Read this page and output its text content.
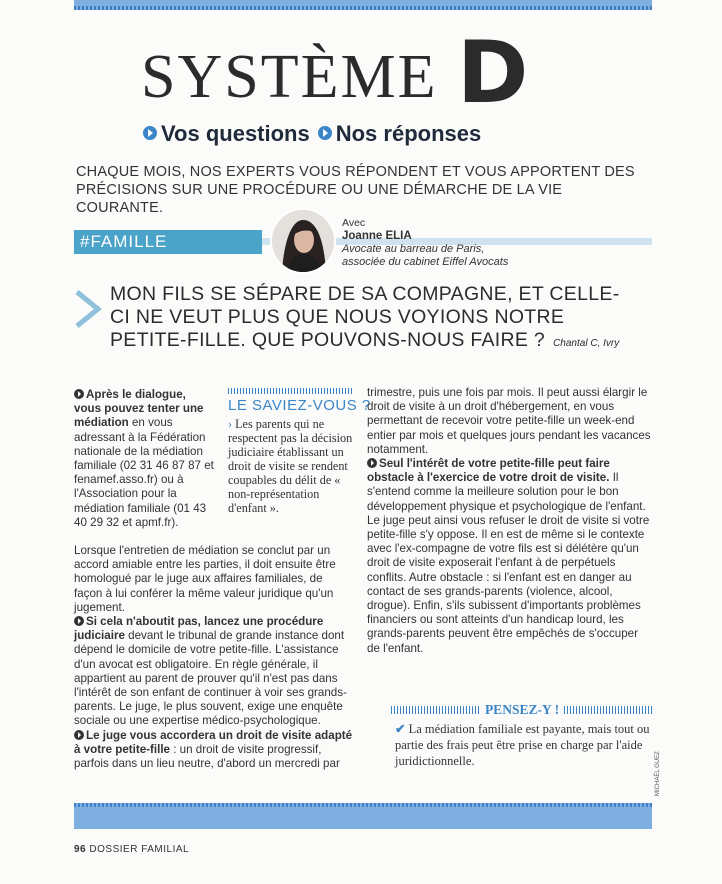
SYSTÈME D
Vos questions Nos réponses
CHAQUE MOIS, NOS EXPERTS VOUS RÉPONDENT ET VOUS APPORTENT DES PRÉCISIONS SUR UNE PROCÉDURE OU UNE DÉMARCHE DE LA VIE COURANTE.
#FAMILLE
Avec
Joanne ELIA
Avocate au barreau de Paris,
associée du cabinet Eiffel Avocats
MON FILS SE SÉPARE DE SA COMPAGNE, ET CELLE-CI NE VEUT PLUS QUE NOUS VOYIONS NOTRE PETITE-FILLE. QUE POUVONS-NOUS FAIRE ? Chantal C, Ivry

Après le dialogue, vous pouvez tenter une médiation en vous adressant à la Fédération nationale de la médiation familiale (02 31 46 87 87 et fenamef.asso.fr) ou à l'Association pour la médiation familiale (01 43 40 29 32 et apmf.fr).

Lorsque l'entretien de médiation se conclut par un accord amiable entre les parties, il doit ensuite être homologué par le juge aux affaires familiales, de façon à lui conférer la même valeur juridique qu'un jugement.

Si cela n'aboutit pas, lancez une procédure judiciaire devant le tribunal de grande instance dont dépend le domicile de votre petite-fille. L'assistance d'un avocat est obligatoire. En règle générale, il appartient au parent de prouver qu'il n'est pas dans l'intérêt de son enfant de continuer à voir ses grands-parents. Le juge, le plus souvent, exige une enquête sociale ou une expertise médico-psychologique.

Le juge vous accordera un droit de visite adapté à votre petite-fille : un droit de visite progressif, parfois dans un lieu neutre, d'abord un mercredi par

LE SAVIEZ-VOUS ?
› Les parents qui ne respectent pas la décision judiciaire établissant un droit de visite se rendent coupables du délit de « non-représentation d'enfant ».

trimestre, puis une fois par mois. Il peut aussi élargir le droit de visite à un droit d'hébergement, en vous permettant de recevoir votre petite-fille un week-end entier par mois et quelques jours pendant les vacances notamment.

Seul l'intérêt de votre petite-fille peut faire obstacle à l'exercice de votre droit de visite. Il s'entend comme la meilleure solution pour le bon développement physique et psychologique de l'enfant. Le juge peut ainsi vous refuser le droit de visite si votre petite-fille s'y oppose. Il en est de même si le contexte avec l'ex-compagne de votre fils est si délétère qu'un droit de visite exposerait l'enfant à de perpétuels conflits. Autre obstacle : si l'enfant est en danger au contact de ses grands-parents (violence, alcool, drogue). Enfin, s'ils subissent d'importants problèmes financiers ou sont atteints d'un handicap lourd, les grands-parents peuvent être empêchés de s'occuper de l'enfant.

PENSEZ-Y !
✔ La médiation familiale est payante, mais tout ou partie des frais peut être prise en charge par l'aide juridictionnelle.
96 DOSSIER FAMILIAL
MICHAËL GUEZ
